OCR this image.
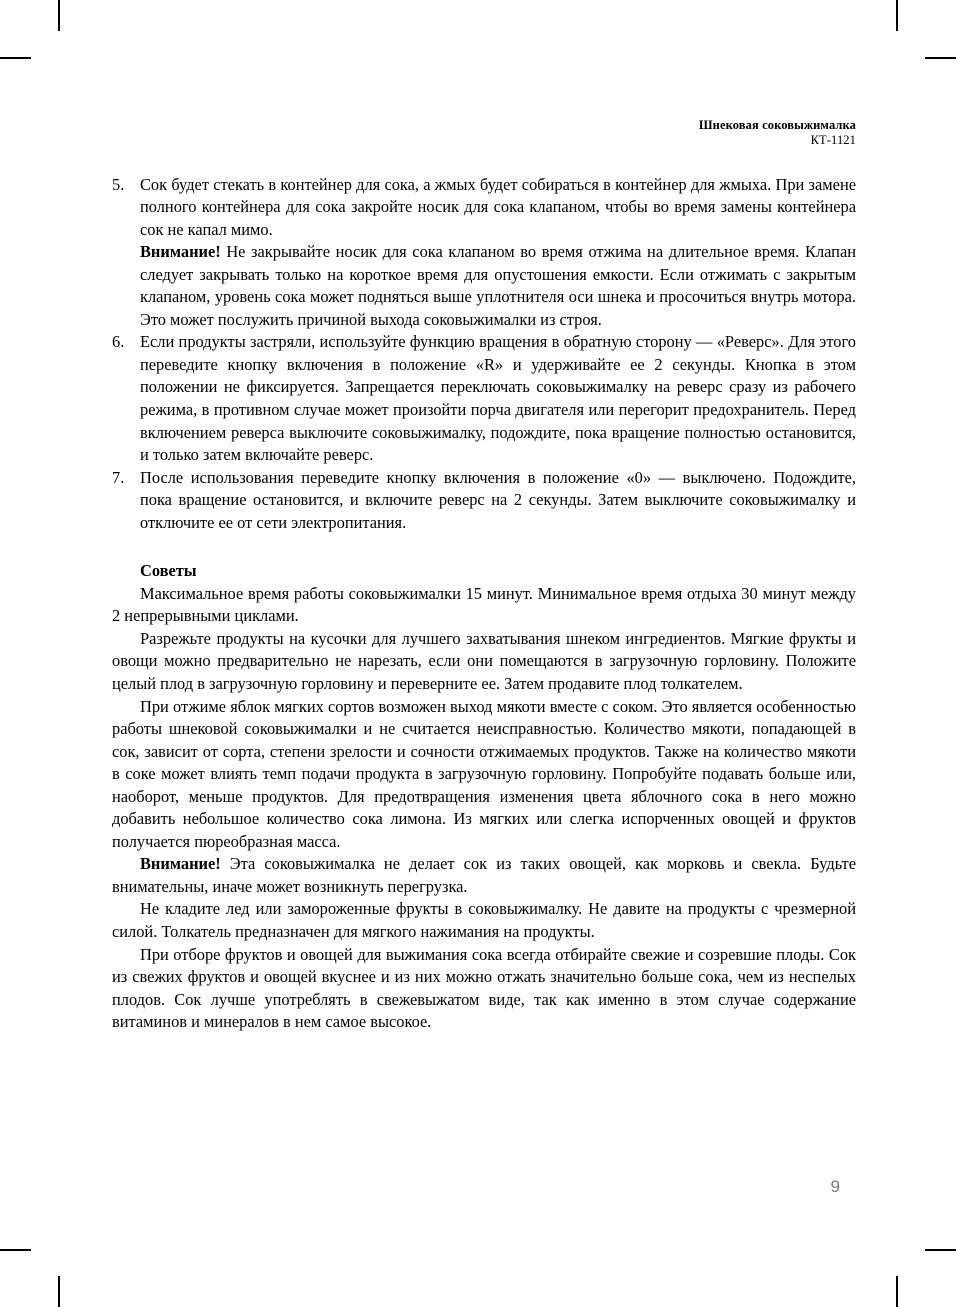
Шнековая соковыжималка
КТ-1121
5. Сок будет стекать в контейнер для сока, а жмых будет собираться в контейнер для жмыха. При замене полного контейнера для сока закройте носик для сока клапаном, чтобы во время замены контейнера сок не капал мимо.

Внимание! Не закрывайте носик для сока клапаном во время отжима на длительное время. Клапан следует закрывать только на короткое время для опустошения емкости. Если отжимать с закрытым клапаном, уровень сока может подняться выше уплотнителя оси шнека и просочиться внутрь мотора. Это может послужить причиной выхода соковыжималки из строя.

6. Если продукты застряли, используйте функцию вращения в обратную сторону — «Реверс». Для этого переведите кнопку включения в положение «R» и удерживайте ее 2 секунды. Кнопка в этом положении не фиксируется. Запрещается переключать соковыжималку на реверс сразу из рабочего режима, в противном случае может произойти порча двигателя или перегорит предохранитель. Перед включением реверса выключите соковыжималку, подождите, пока вращение полностью остановится, и только затем включайте реверс.

7. После использования переведите кнопку включения в положение «0» — выключено. Подождите, пока вращение остановится, и включите реверс на 2 секунды. Затем выключите соковыжималку и отключите ее от сети электропитания.

Советы

Максимальное время работы соковыжималки 15 минут. Минимальное время отдыха 30 минут между 2 непрерывными циклами.

Разрежьте продукты на кусочки для лучшего захватывания шнеком ингредиентов. Мягкие фрукты и овощи можно предварительно не нарезать, если они помещаются в загрузочную горловину. Положите целый плод в загрузочную горловину и переверните ее. Затем продавите плод толкателем.

При отжиме яблок мягких сортов возможен выход мякоти вместе с соком. Это является особенностью работы шнековой соковыжималки и не считается неисправностью. Количество мякоти, попадающей в сок, зависит от сорта, степени зрелости и сочности отжимаемых продуктов. Также на количество мякоти в соке может влиять темп подачи продукта в загрузочную горловину. Попробуйте подавать больше или, наоборот, меньше продуктов. Для предотвращения изменения цвета яблочного сока в него можно добавить небольшое количество сока лимона. Из мягких или слегка испорченных овощей и фруктов получается пюреобразная масса.

Внимание! Эта соковыжималка не делает сок из таких овощей, как морковь и свекла. Будьте внимательны, иначе может возникнуть перегрузка.

Не кладите лед или замороженные фрукты в соковыжималку. Не давите на продукты с чрезмерной силой. Толкатель предназначен для мягкого нажимания на продукты.

При отборе фруктов и овощей для выжимания сока всегда отбирайте свежие и созревшие плоды. Сок из свежих фруктов и овощей вкуснее и из них можно отжать значительно больше сока, чем из неспелых плодов. Сок лучше употреблять в свежевыжатом виде, так как именно в этом случае содержание витаминов и минералов в нем самое высокое.

9
